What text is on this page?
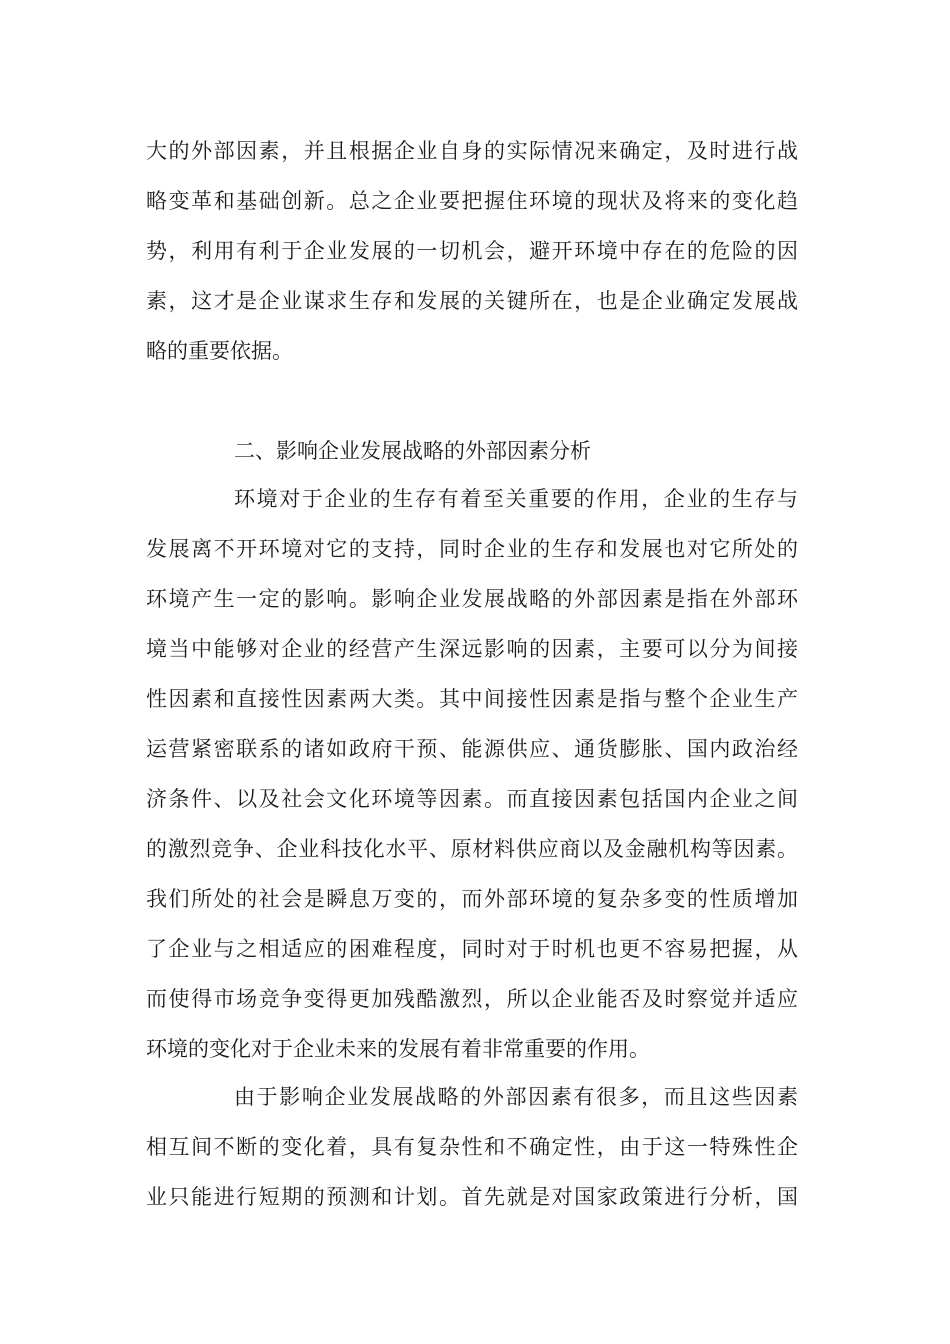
大的外部因素，并且根据企业自身的实际情况来确定，及时进行战
略变革和基础创新。总之企业要把握住环境的现状及将来的变化趋
势，利用有利于企业发展的一切机会，避开环境中存在的危险的因
素，这才是企业谋求生存和发展的关键所在，也是企业确定发展战
略的重要依据。
二、影响企业发展战略的外部因素分析
环境对于企业的生存有着至关重要的作用，企业的生存与
发展离不开环境对它的支持，同时企业的生存和发展也对它所处的
环境产生一定的影响。影响企业发展战略的外部因素是指在外部环
境当中能够对企业的经营产生深远影响的因素，主要可以分为间接
性因素和直接性因素两大类。其中间接性因素是指与整个企业生产
运营紧密联系的诸如政府干预、能源供应、通货膨胀、国内政治经
济条件、以及社会文化环境等因素。而直接因素包括国内企业之间
的激烈竞争、企业科技化水平、原材料供应商以及金融机构等因素。
我们所处的社会是瞬息万变的，而外部环境的复杂多变的性质增加
了企业与之相适应的困难程度，同时对于时机也更不容易把握，从
而使得市场竞争变得更加残酷激烈，所以企业能否及时察觉并适应
环境的变化对于企业未来的发展有着非常重要的作用。
由于影响企业发展战略的外部因素有很多，而且这些因素
相互间不断的变化着，具有复杂性和不确定性，由于这一特殊性企
业只能进行短期的预测和计划。首先就是对国家政策进行分析，国
